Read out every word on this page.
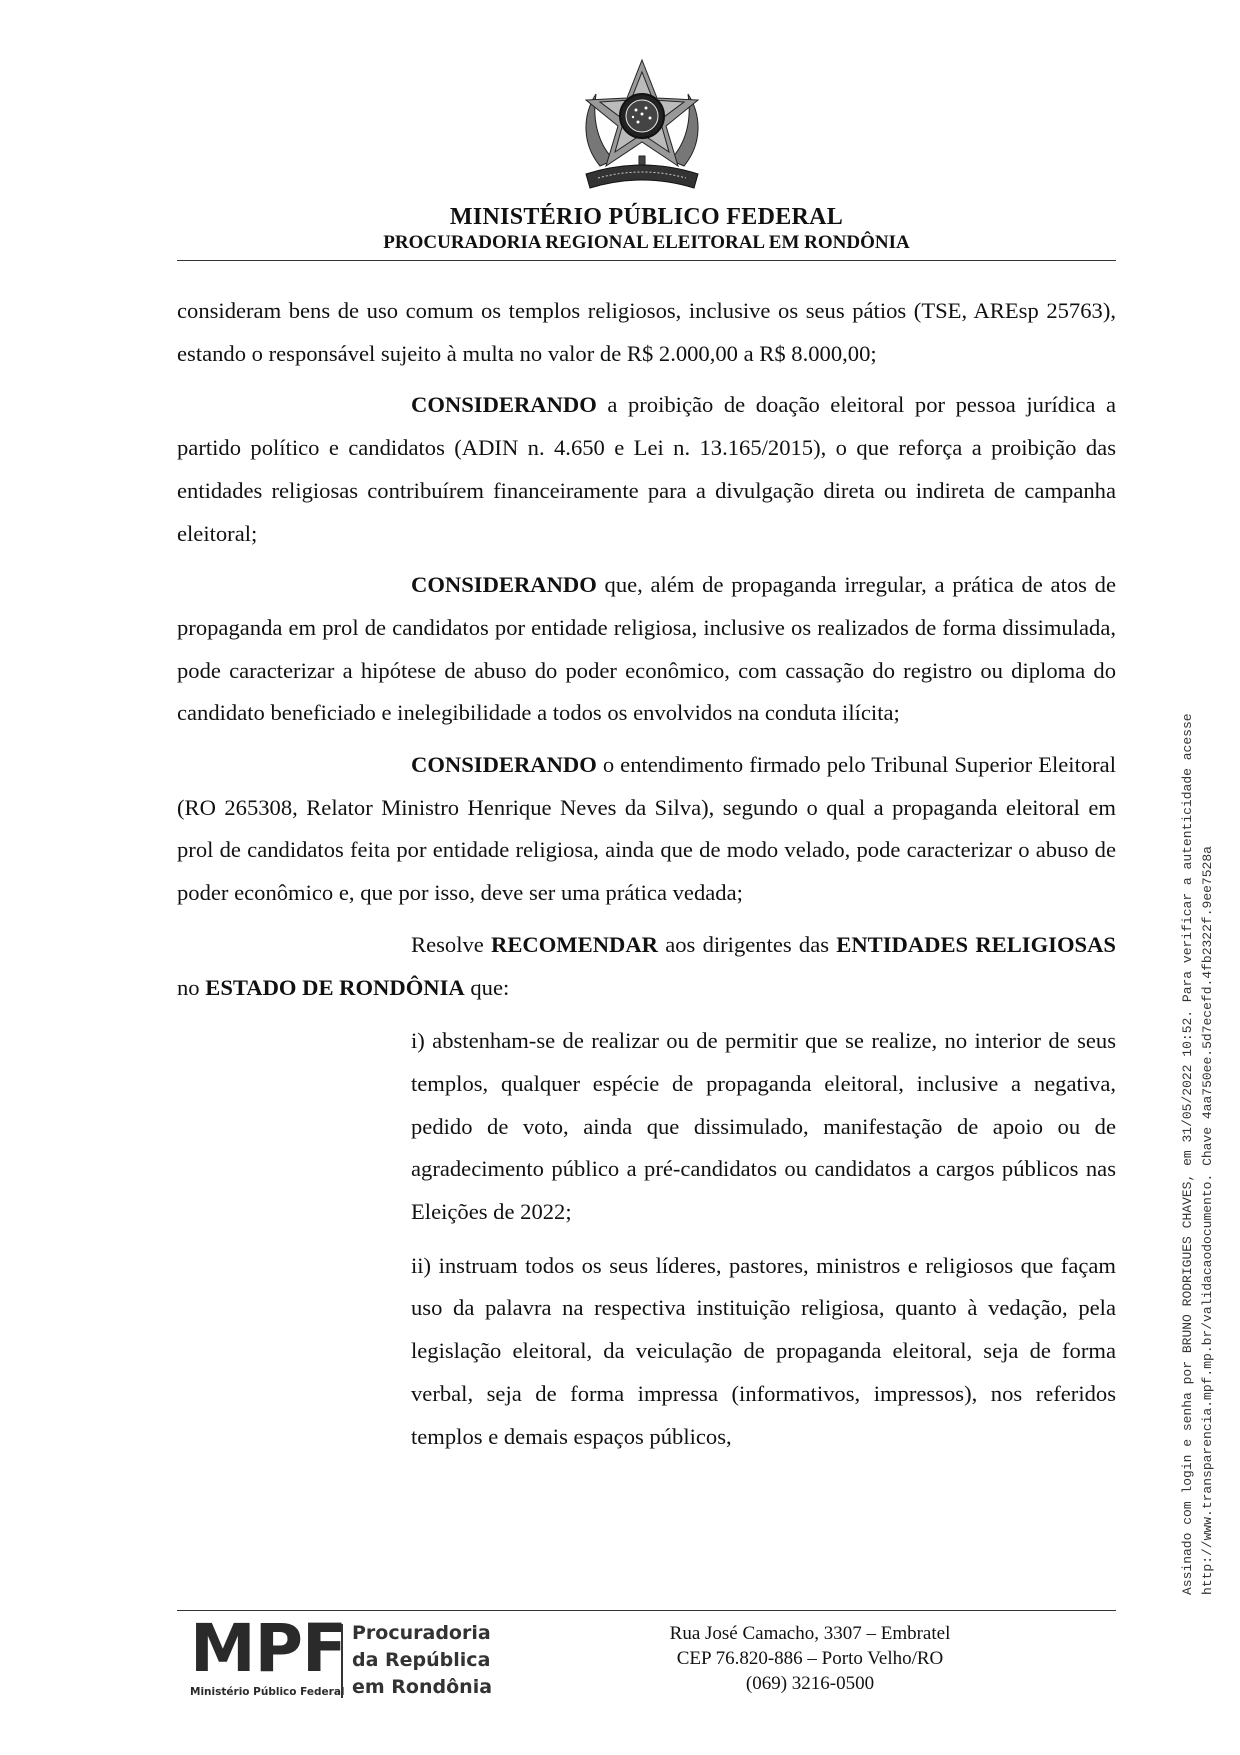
MINISTÉRIO PÚBLICO FEDERAL
PROCURADORIA REGIONAL ELEITORAL EM RONDÔNIA

consideram bens de uso comum os templos religiosos, inclusive os seus pátios (TSE, AREsp 25763), estando o responsável sujeito à multa no valor de R$ 2.000,00 a R$ 8.000,00;

CONSIDERANDO a proibição de doação eleitoral por pessoa jurídica a partido político e candidatos (ADIN n. 4.650 e Lei n. 13.165/2015), o que reforça a proibição das entidades religiosas contribuírem financeiramente para a divulgação direta ou indireta de campanha eleitoral;

CONSIDERANDO que, além de propaganda irregular, a prática de atos de propaganda em prol de candidatos por entidade religiosa, inclusive os realizados de forma dissimulada, pode caracterizar a hipótese de abuso do poder econômico, com cassação do registro ou diploma do candidato beneficiado e inelegibilidade a todos os envolvidos na conduta ilícita;

CONSIDERANDO o entendimento firmado pelo Tribunal Superior Eleitoral (RO 265308, Relator Ministro Henrique Neves da Silva), segundo o qual a propaganda eleitoral em prol de candidatos feita por entidade religiosa, ainda que de modo velado, pode caracterizar o abuso de poder econômico e, que por isso, deve ser uma prática vedada;

Resolve RECOMENDAR aos dirigentes das ENTIDADES RELIGIOSAS no ESTADO DE RONDÔNIA que:

i) abstenham-se de realizar ou de permitir que se realize, no interior de seus templos, qualquer espécie de propaganda eleitoral, inclusive a negativa, pedido de voto, ainda que dissimulado, manifestação de apoio ou de agradecimento público a pré-candidatos ou candidatos a cargos públicos nas Eleições de 2022;

ii) instruam todos os seus líderes, pastores, ministros e religiosos que façam uso da palavra na respectiva instituição religiosa, quanto à vedação, pela legislação eleitoral, da veiculação de propaganda eleitoral, seja de forma verbal, seja de forma impressa (informativos, impressos), nos referidos templos e demais espaços públicos,	Assinado com login e senha por BRUNO RODRIGUES CHAVES, em 31/05/2022 10:52. Para verificar a autenticidade acesse http://www.transparencia.mpf.mp.br/validacaodocumento. Chave 4aa750ee.5d7ecefd.4fb2322f.9ee7528a
MPF
Ministério Público Federal
Procuradoria
da República
em Rondônia
Rua José Camacho, 3307 – Embratel
CEP 76.820-886 – Porto Velho/RO
(069) 3216-0500
